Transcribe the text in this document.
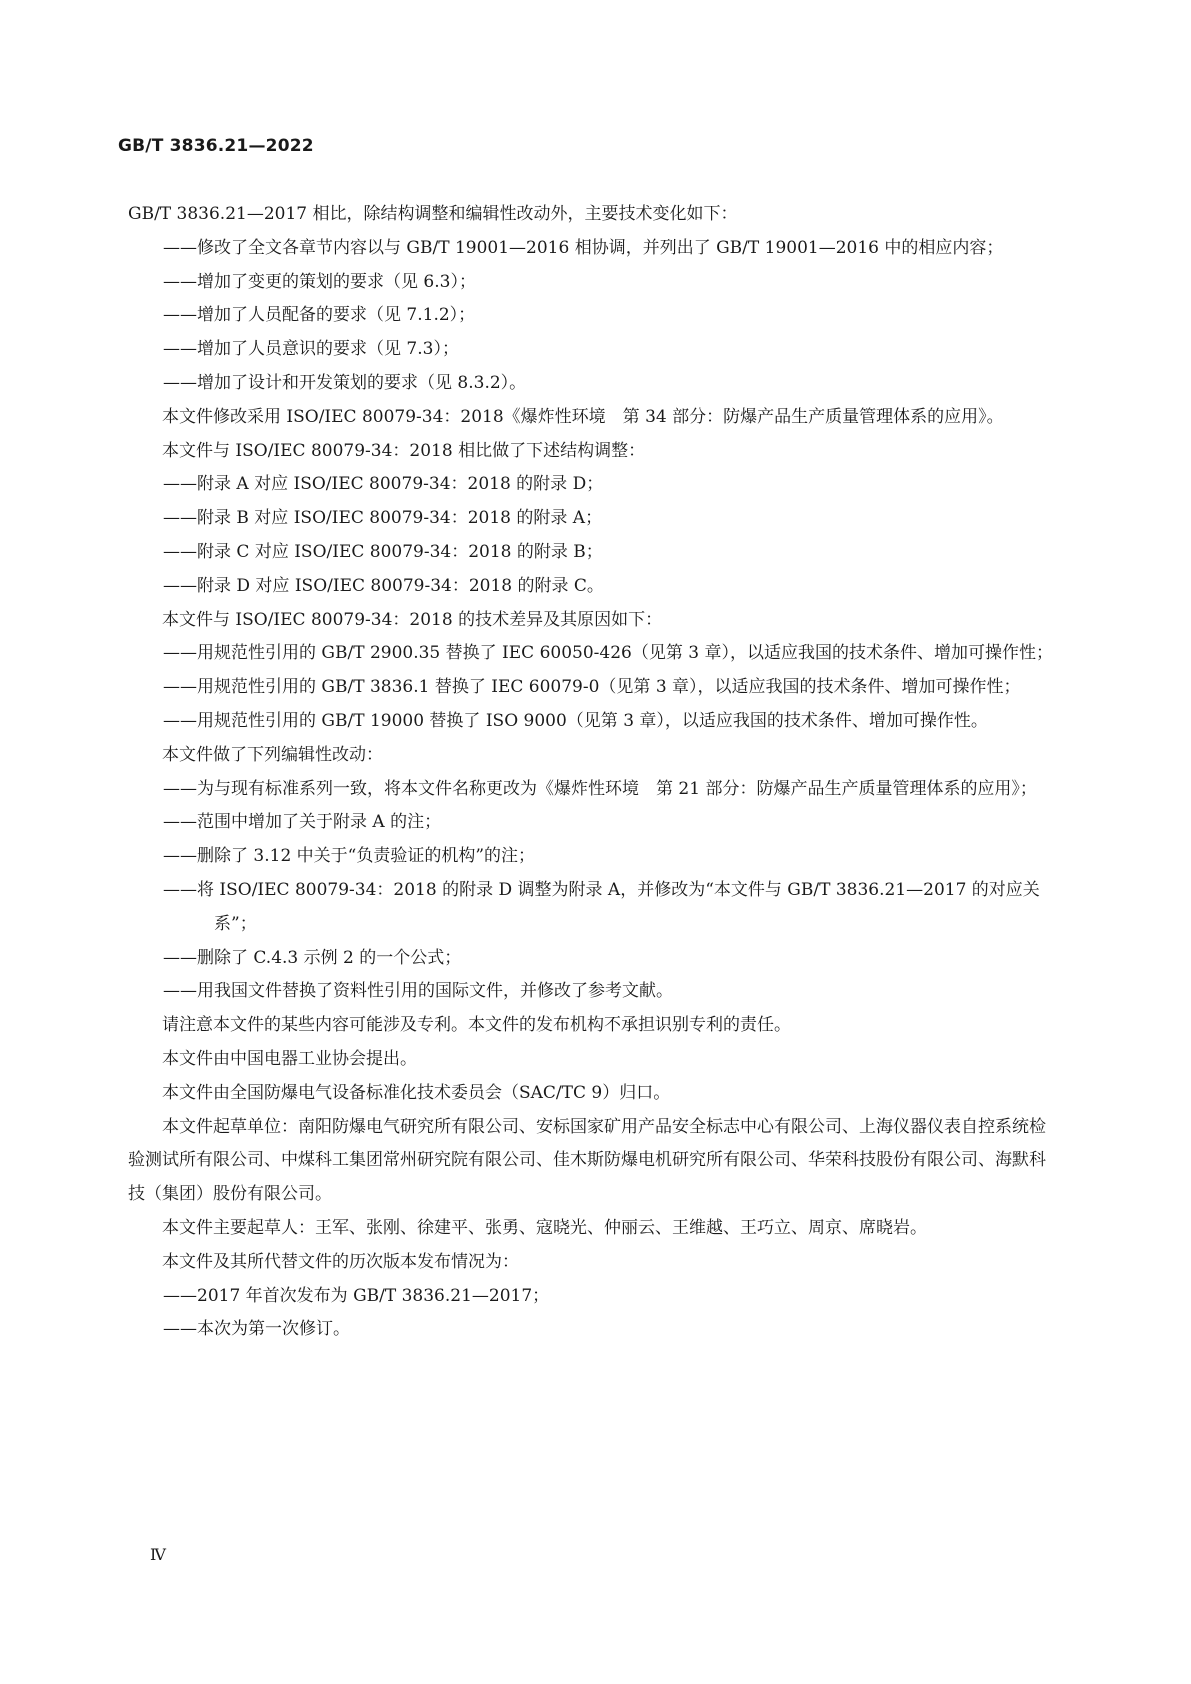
GB/T 3836.21—2022

GB/T 3836.21—2017 相比，除结构调整和编辑性改动外，主要技术变化如下：

——修改了全文各章节内容以与 GB/T 19001—2016 相协调，并列出了 GB/T 19001—2016 中的相应内容；

——增加了变更的策划的要求（见 6.3）；

——增加了人员配备的要求（见 7.1.2）；

——增加了人员意识的要求（见 7.3）；

——增加了设计和开发策划的要求（见 8.3.2）。

本文件修改采用 ISO/IEC 80079-34：2018《爆炸性环境　第 34 部分：防爆产品生产质量管理体系的应用》。

本文件与 ISO/IEC 80079-34：2018 相比做了下述结构调整：

——附录 A 对应 ISO/IEC 80079-34：2018 的附录 D；

——附录 B 对应 ISO/IEC 80079-34：2018 的附录 A；

——附录 C 对应 ISO/IEC 80079-34：2018 的附录 B；

——附录 D 对应 ISO/IEC 80079-34：2018 的附录 C。

本文件与 ISO/IEC 80079-34：2018 的技术差异及其原因如下：

——用规范性引用的 GB/T 2900.35 替换了 IEC 60050-426（见第 3 章），以适应我国的技术条件、增加可操作性；

——用规范性引用的 GB/T 3836.1 替换了 IEC 60079-0（见第 3 章），以适应我国的技术条件、增加可操作性；

——用规范性引用的 GB/T 19000 替换了 ISO 9000（见第 3 章），以适应我国的技术条件、增加可操作性。

本文件做了下列编辑性改动：

——为与现有标准系列一致，将本文件名称更改为《爆炸性环境　第 21 部分：防爆产品生产质量管理体系的应用》；

——范围中增加了关于附录 A 的注；

——删除了 3.12 中关于“负责验证的机构”的注；

——将 ISO/IEC 80079-34：2018 的附录 D 调整为附录 A，并修改为“本文件与 GB/T 3836.21—2017 的对应关系”；

——删除了 C.4.3 示例 2 的一个公式；

——用我国文件替换了资料性引用的国际文件，并修改了参考文献。

请注意本文件的某些内容可能涉及专利。本文件的发布机构不承担识别专利的责任。

本文件由中国电器工业协会提出。

本文件由全国防爆电气设备标准化技术委员会（SAC/TC 9）归口。

本文件起草单位：南阳防爆电气研究所有限公司、安标国家矿用产品安全标志中心有限公司、上海仪器仪表自控系统检验测试所有限公司、中煤科工集团常州研究院有限公司、佳木斯防爆电机研究所有限公司、华荣科技股份有限公司、海默科技（集团）股份有限公司。

本文件主要起草人：王军、张刚、徐建平、张勇、寇晓光、仲丽云、王维越、王巧立、周京、席晓岩。

本文件及其所代替文件的历次版本发布情况为：

——2017 年首次发布为 GB/T 3836.21—2017；

——本次为第一次修订。

Ⅳ
